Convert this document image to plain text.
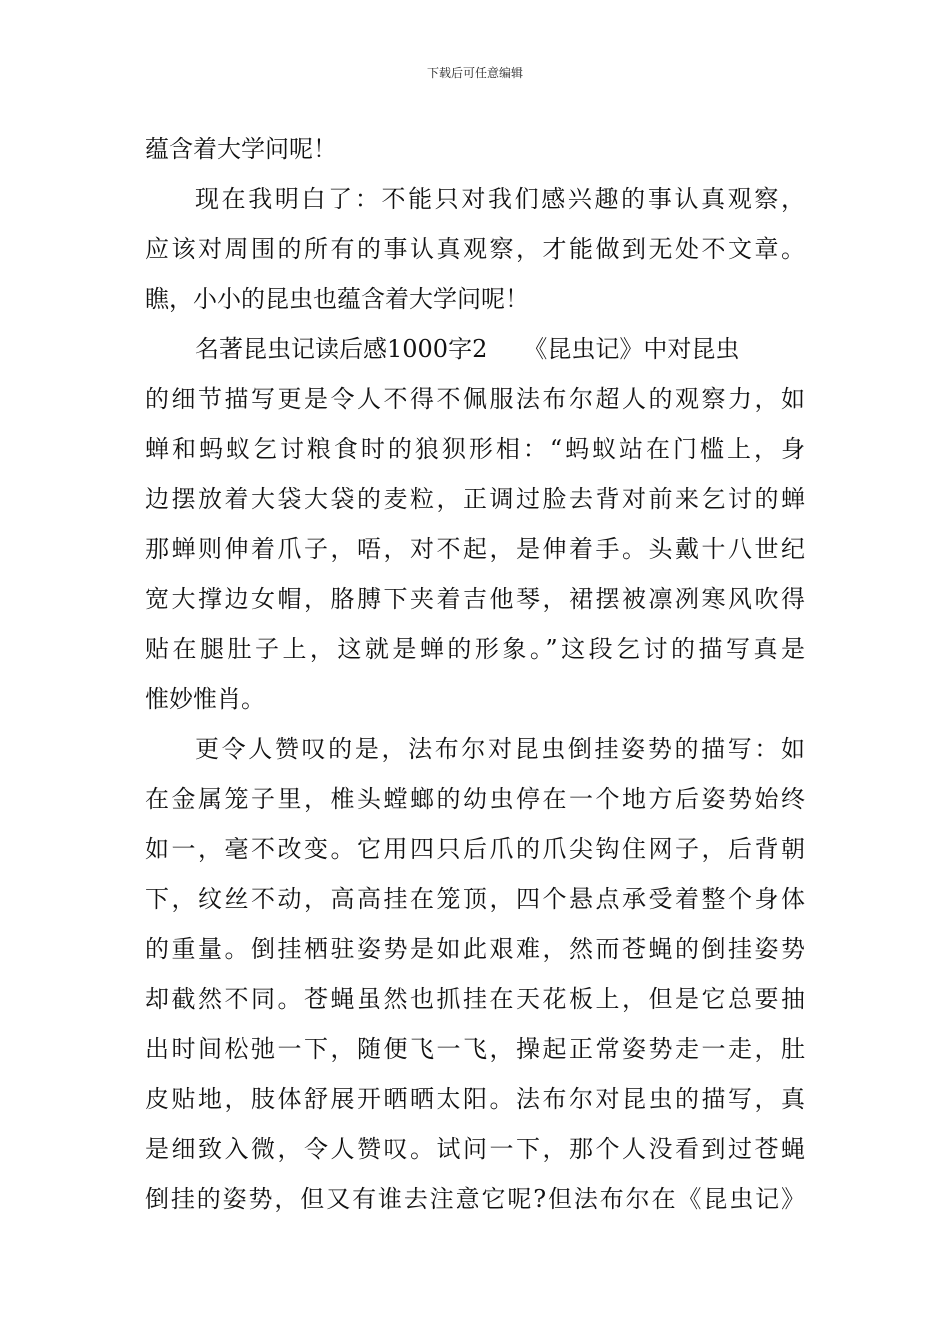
下载后可任意编辑
蕴含着大学问呢！
现在我明白了：不能只对我们感兴趣的事认真观察，
应该对周围的所有的事认真观察，才能做到无处不文章。
瞧，小小的昆虫也蕴含着大学问呢！
名著昆虫记读后感1000字2　　《昆虫记》中对昆虫
的细节描写更是令人不得不佩服法布尔超人的观察力，如
蝉和蚂蚁乞讨粮食时的狼狈形相：“蚂蚁站在门槛上，身
边摆放着大袋大袋的麦粒，正调过脸去背对前来乞讨的蝉
那蝉则伸着爪子，唔，对不起，是伸着手。头戴十八世纪
宽大撑边女帽，胳膊下夹着吉他琴，裙摆被凛冽寒风吹得
贴在腿肚子上，这就是蝉的形象。”这段乞讨的描写真是
惟妙惟肖。
更令人赞叹的是，法布尔对昆虫倒挂姿势的描写：如
在金属笼子里，椎头螳螂的幼虫停在一个地方后姿势始终
如一，毫不改变。它用四只后爪的爪尖钩住网子，后背朝
下，纹丝不动，高高挂在笼顶，四个悬点承受着整个身体
的重量。倒挂栖驻姿势是如此艰难，然而苍蝇的倒挂姿势
却截然不同。苍蝇虽然也抓挂在天花板上，但是它总要抽
出时间松弛一下，随便飞一飞，操起正常姿势走一走，肚
皮贴地，肢体舒展开晒晒太阳。法布尔对昆虫的描写，真
是细致入微，令人赞叹。试问一下，那个人没看到过苍蝇
倒挂的姿势，但又有谁去注意它呢?但法布尔在《昆虫记》
